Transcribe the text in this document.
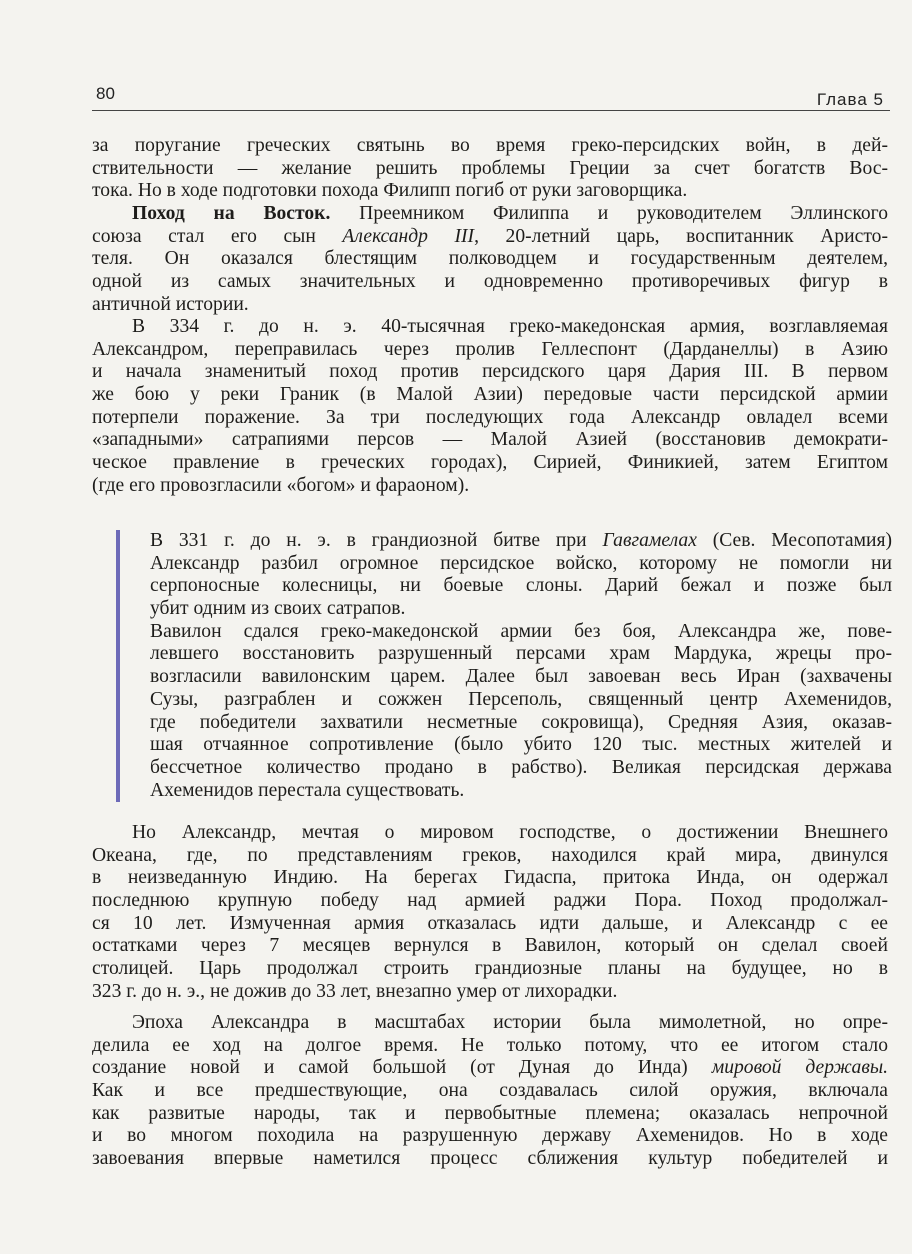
80	Глава 5
за поругание греческих святынь во время греко-персидских войн, в дей-
ствительности — желание решить проблемы Греции за счет богатств Вос-
тока. Но в ходе подготовки похода Филипп погиб от руки заговорщика.
Поход на Восток. Преемником Филиппа и руководителем Эллинского
союза стал его сын Александр III, 20-летний царь, воспитанник Аристо-
теля. Он оказался блестящим полководцем и государственным деятелем,
одной из самых значительных и одновременно противоречивых фигур в
античной истории.
В 334 г. до н. э. 40-тысячная греко-македонская армия, возглавляемая
Александром, переправилась через пролив Геллеспонт (Дарданеллы) в Азию
и начала знаменитый поход против персидского царя Дария III. В первом
же бою у реки Граник (в Малой Азии) передовые части персидской армии
потерпели поражение. За три последующих года Александр овладел всеми
«западными» сатрапиями персов — Малой Азией (восстановив демократи-
ческое правление в греческих городах), Сирией, Финикией, затем Египтом
(где его провозгласили «богом» и фараоном).
В 331 г. до н. э. в грандиозной битве при Гавгамелах (Сев. Месопотамия)
Александр разбил огромное персидское войско, которому не помогли ни
серпоносные колесницы, ни боевые слоны. Дарий бежал и позже был
убит одним из своих сатрапов.
Вавилон сдался греко-македонской армии без боя, Александра же, пове-
левшего восстановить разрушенный персами храм Мардука, жрецы про-
возгласили вавилонским царем. Далее был завоеван весь Иран (захвачены
Сузы, разграблен и сожжен Персеполь, священный центр Ахеменидов,
где победители захватили несметные сокровища), Средняя Азия, оказав-
шая отчаянное сопротивление (было убито 120 тыс. местных жителей и
бессчетное количество продано в рабство). Великая персидская держава
Ахеменидов перестала существовать.
Но Александр, мечтая о мировом господстве, о достижении Внешнего
Океана, где, по представлениям греков, находился край мира, двинулся
в неизведанную Индию. На берегах Гидаспа, притока Инда, он одержал
последнюю крупную победу над армией раджи Пора. Поход продолжал-
ся 10 лет. Измученная армия отказалась идти дальше, и Александр с ее
остатками через 7 месяцев вернулся в Вавилон, который он сделал своей
столицей. Царь продолжал строить грандиозные планы на будущее, но в
323 г. до н. э., не дожив до 33 лет, внезапно умер от лихорадки.
Эпоха Александра в масштабах истории была мимолетной, но опре-
делила ее ход на долгое время. Не только потому, что ее итогом стало
создание новой и самой большой (от Дуная до Инда) мировой державы.
Как и все предшествующие, она создавалась силой оружия, включала
как развитые народы, так и первобытные племена; оказалась непрочной
и во многом походила на разрушенную державу Ахеменидов. Но в ходе
завоевания впервые наметился процесс сближения культур победителей и
